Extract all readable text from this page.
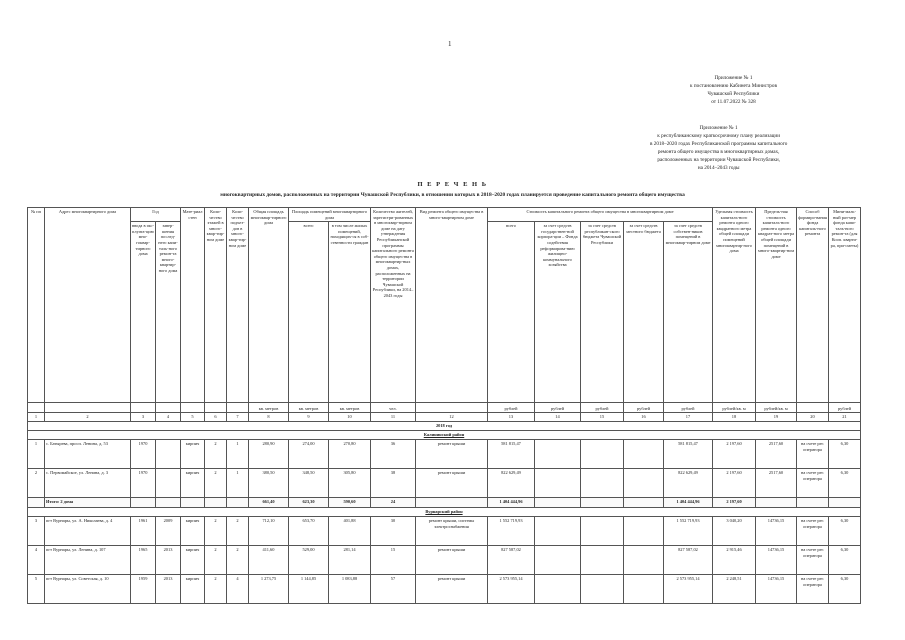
1
Приложение № 1
к постановлению Кабинета Министров
Чувашской Республики
от 11.07.2022 № 328
Приложение № 1
к республиканскому краткосрочному плану реализации
в 2018–2020 годах Республиканской программы капитального
ремонта общего имущества в многоквартирных домах,
расположенных на территории Чувашской Республики,
на 2014–2043 годы
П Е Р Е Ч Е Н Ь
многоквартирных домов, расположенных на территории Чувашской Республики, в отношении которых в 2018–2020 годах планируется проведение капитального ремонта общего имущества
№ пп	Адрес многоквартирного дома	Год		Мате-риал стен	Коли-чество этажей в много-квар-тир-ном доме	Коли-чество подъез-дов в много-квар-тир-ном доме	Общая площадь многоквар-тирного дома	Площадь помещений многоквартирного дома		Количество жителей, зарегистри-рованных в многоквар-тирном доме на дату утверждения Республиканской программы капитального ремонта общего имущества в многоквартир-ных домах, расположенных на территории Чувашской Республики, на 2014–2043 годы	Вид ремонта общего имущества в много-квартирном доме	Стоимость капитального ремонта общего имущества в многоквартирном доме					Удельная стоимость капиталь-ного ремонта одного квадратного метра общей площади помещений многоквартир-ного дома	Предель-ная стоимость капиталь-ного ремонта одного квадрат-ного метра общей площади помещений в много-квартир-ном доме	Способ формиро-вания фонда капиталь-ного ремонта	Мини-маль-ный раз-мер фонда капи-таль-ного ремон-та (для Кооп. кварти-ра, при-сметы)
		ввода в экс-плуата-цию мно-гоквар-тирного дома	завер-шения послед-него капи-таль-ного ремон-та много-квартир-ного дома					всего	в том числе жилых помещений, находящих-ся в соб-ственности граждан			всего	за счет средств государствен-ной корпора-ции – Фонда содействия реформирова-нию жилищно-коммунального хозяйства	за счет средств республикан-ского бюджета Чувашской Республики	за счет средств местного бюджета	за счет средств собствен-ников помещений в многоквар-тирном доме				
							кв. метров	кв. метров	кв. метров	чел.		рублей	рублей	рублей	рублей	рублей	рублей/кв. м	рублей/кв. м		рублей
1	2	3	4	5	6	7	8	9	10	11	12	13	14	15	16	17	18	19	20	21
2018 год																				
Калининский район																				
1	с. Батырева, просп. Ленина, д. 53	1970		кирпич	2	1	280,90	274,00	270,80	36	ремонт крыши	581 815,47				581 815,47	2 197,60	2517,60	на счете рег. оператора	6,30
2	с. Первомайское, ул. Ленина, д. 3	1970		кирпич	2	1	380,50	348,50	305,80	38	ремонт крыши	822 629,49				822 629,49	2 197,60	2517,60	на счете рег. оператора	6,30
	Итого: 2 дома						661,40	623,30	590,60	24		1 404 444,96				1 404 444,96	2 197,60			
Вурнарский район																				
3	пгт Вурнары, ул. А. Николаева, д. 4	1961	2009	кирпич	2	2	712,10	653,70	401,88	30	ремонт крыши, системы электроснабжения	1 552 719,93				1 552 719,93	3 040,20	14736,15	на счете рег. оператора	6,30
4	пгт Вурнары, ул. Ленина, д. 107	1965	2013	кирпич	2	2	411,60	529,00	281,14	15	ремонт крыши	827 587,02				827 587,02	2 915,46	14736,15	на счете рег. оператора	6,30
5	пгт Вурнары, ул. Советская, д. 10	1959	2013	кирпич	2	4	1 273,75	1 144,85	1 083,88	57	ремонт крыши	2 573 955,14				2 573 955,14	2 248,51	14736,15	на счете рег. оператора	6,30
